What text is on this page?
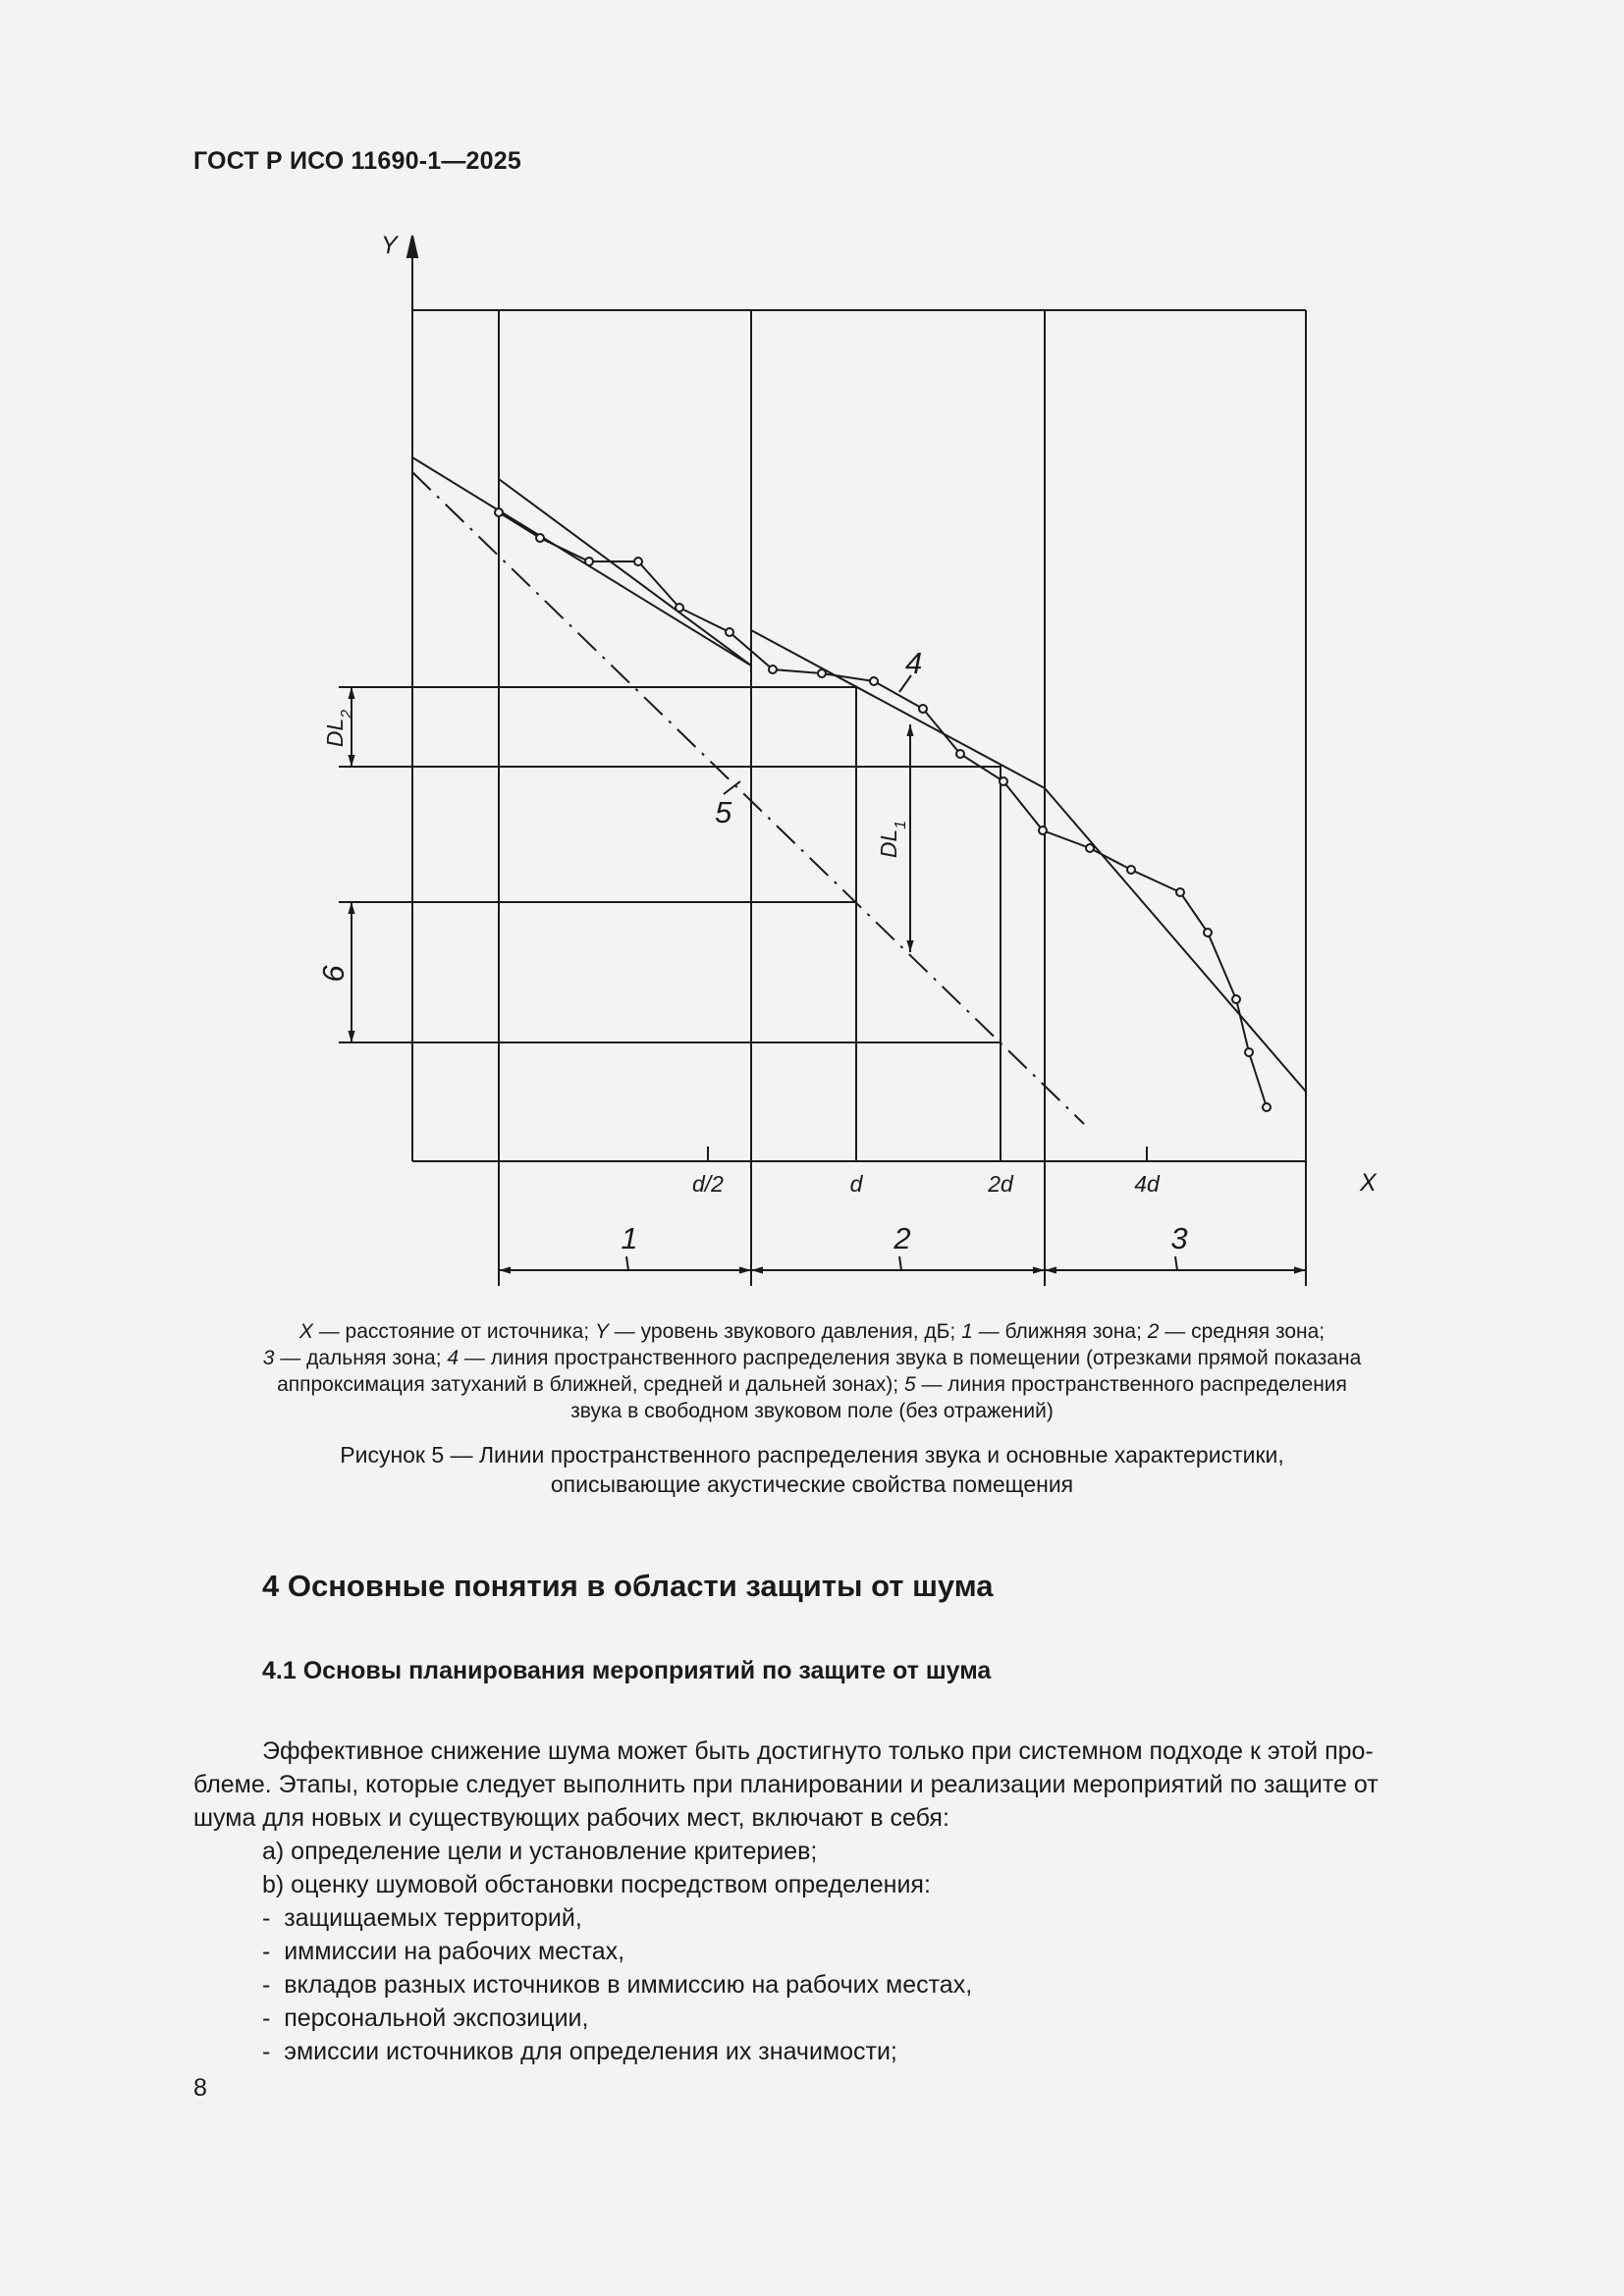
ГОСТ Р ИСО 11690-1—2025
Y
X
d/2	d	2d	4d
1	2	3
$DL_2$
6
$DL_1$
5
4
X — расстояние от источника; Y — уровень звукового давления, дБ; 1 — ближняя зона; 2 — средняя зона;
3 — дальняя зона; 4 — линия пространственного распределения звука в помещении (отрезками прямой показана
аппроксимация затуханий в ближней, средней и дальней зонах); 5 — линия пространственного распределения
звука в свободном звуковом поле (без отражений)
Рисунок 5 — Линии пространственного распределения звука и основные характеристики,
описывающие акустические свойства помещения
4 Основные понятия в области защиты от шума
4.1 Основы планирования мероприятий по защите от шума
Эффективное снижение шума может быть достигнуто только при системном подходе к этой про-
блеме. Этапы, которые следует выполнить при планировании и реализации мероприятий по защите от
шума для новых и существующих рабочих мест, включают в себя:
a) определение цели и установление критериев;
b) оценку шумовой обстановки посредством определения:
-  защищаемых территорий,
-  иммиссии на рабочих местах,
-  вкладов разных источников в иммиссию на рабочих местах,
-  персональной экспозиции,
-  эмиссии источников для определения их значимости;
8
